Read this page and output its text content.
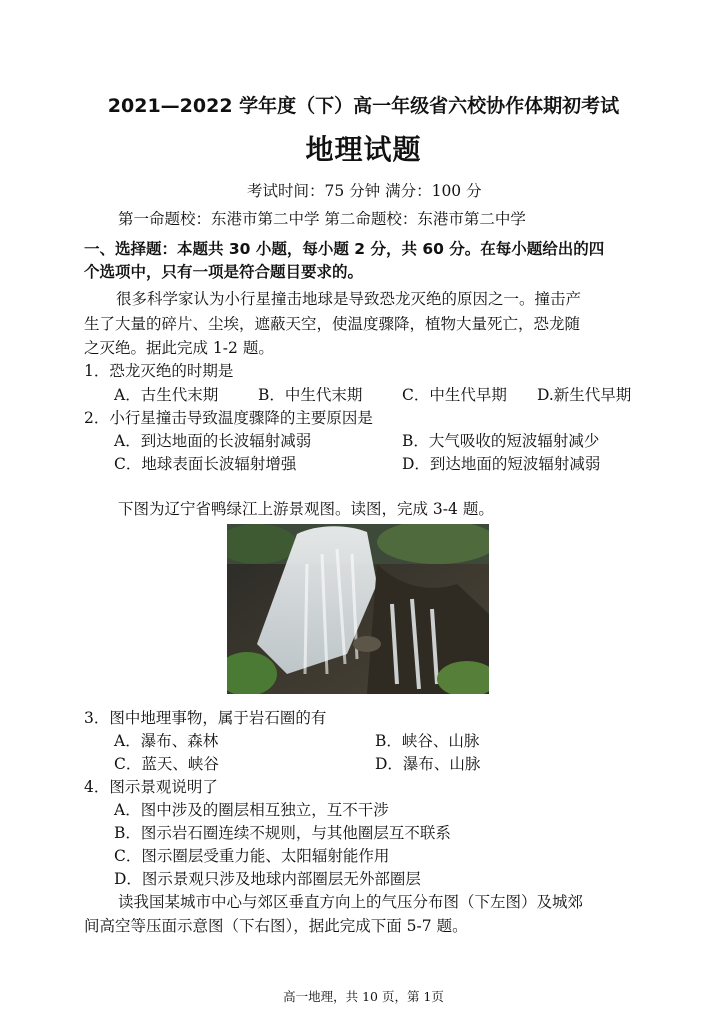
2021—2022 学年度（下）高一年级省六校协作体期初考试
地理试题
考试时间：75 分钟 满分：100 分
第一命题校：东港市第二中学 第二命题校：东港市第二中学
一、选择题：本题共 30 小题，每小题 2 分，共 60 分。在每小题给出的四
个选项中，只有一项是符合题目要求的。
很多科学家认为小行星撞击地球是导致恐龙灭绝的原因之一。撞击产
生了大量的碎片、尘埃，遮蔽天空，使温度骤降，植物大量死亡，恐龙随
之灭绝。据此完成 1-2 题。
1．恐龙灭绝的时期是
A．古生代末期	B．中生代末期	C．中生代早期 D.新生代早期
2．小行星撞击导致温度骤降的主要原因是
A．到达地面的长波辐射减弱	B．大气吸收的短波辐射减少
C．地球表面长波辐射增强	D．到达地面的短波辐射减弱
下图为辽宁省鸭绿江上游景观图。读图，完成 3-4 题。
3．图中地理事物，属于岩石圈的有
A．瀑布、森林	B．峡谷、山脉
C．蓝天、峡谷	D．瀑布、山脉
4．图示景观说明了
A．图中涉及的圈层相互独立，互不干涉
B．图示岩石圈连续不规则，与其他圈层互不联系
C．图示圈层受重力能、太阳辐射能作用
D．图示景观只涉及地球内部圈层无外部圈层
读我国某城市中心与郊区垂直方向上的气压分布图（下左图）及城郊
间高空等压面示意图（下右图），据此完成下面 5-7 题。
高一地理，共 10 页，第 1页
